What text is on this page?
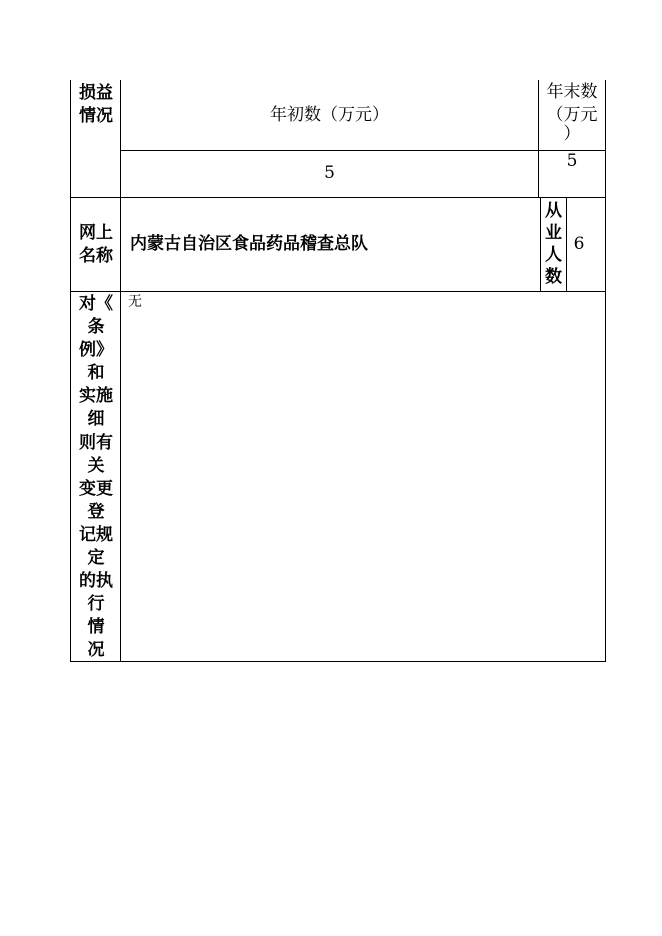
损益情况	年初数（万元）
年末数
（万元
）
5
5
网上
名称
内蒙古自治区食品药品稽查总队
从
业
人
数
6
对《
条
例》
和
实施
细
则有
关
变更
登
记规
定
的执
行
情
况
无
